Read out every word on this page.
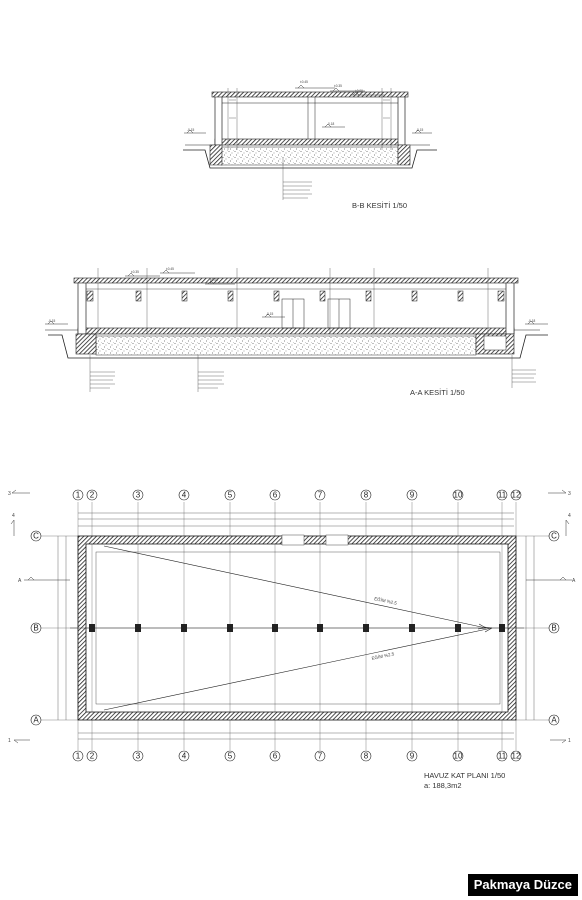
±0.45
±0.35
±0.00
-0.18
-0.15	-0.15
B-B KESİTİ 1/50
±0.35
±0.45
±0.00
-0.15
-0.15	-0.18
A-A KESİTİ 1/50
EĞİM %2.5
EĞİM %2.5
3	3
4	4
A	A
1	1
1
1
2
2
3
3
4
4
5
5
6
6
7
7
8
8
9
9
10
10
11
11
12
12
C	C
B	B
A	A
HAVUZ KAT PLANI 1/50
a: 188,3m2
Pakmaya Düzce
